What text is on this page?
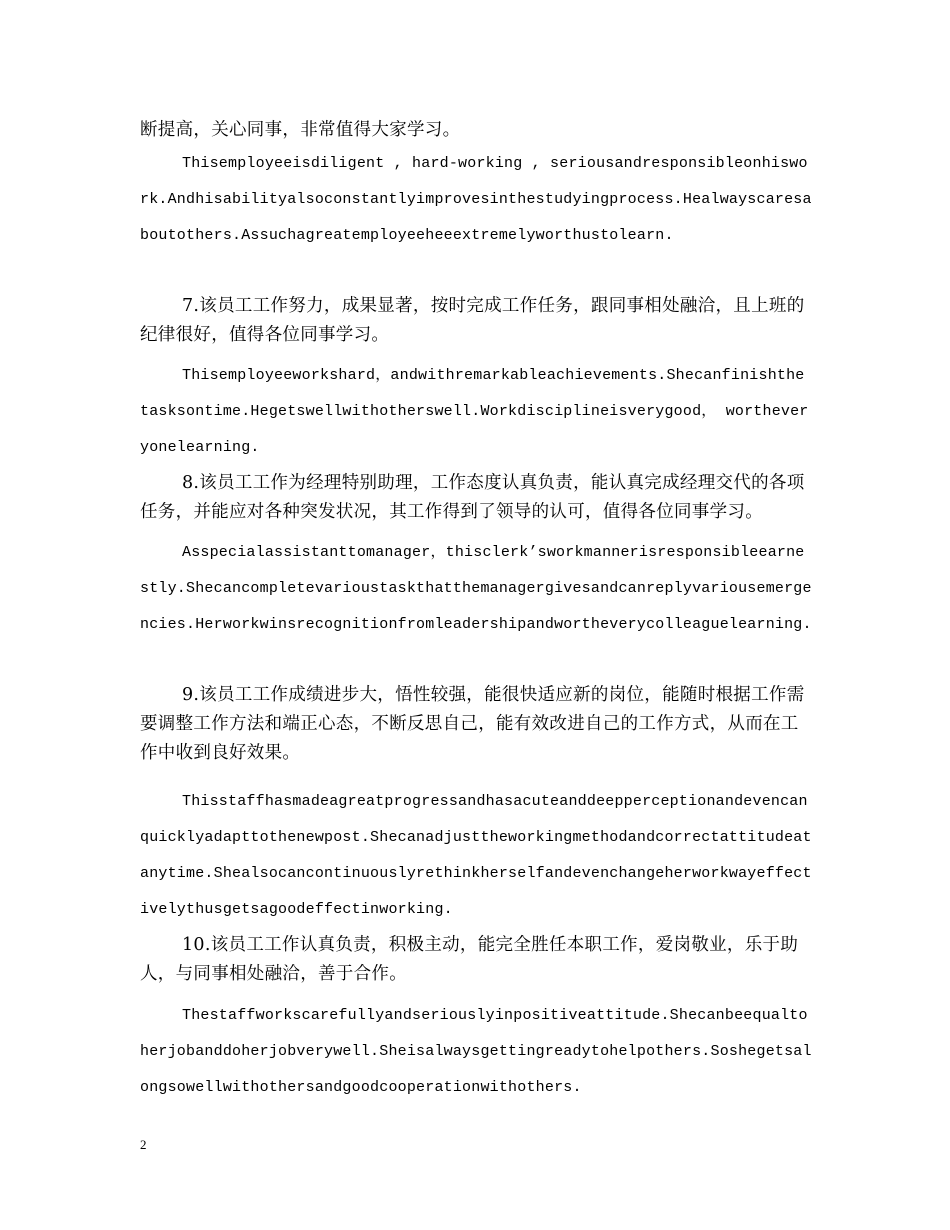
断提高，关心同事，非常值得大家学习。

Thisemployeeisdiligent , hard-working , seriousandresponsibleonhiswork.Andhisabilityalsoconstantlyimprovesinthestudyingprocess.Healwayscaresaboutothers.Assuchagreatemployeeheeextremelyworthustolearn.

7.该员工工作努力，成果显著，按时完成工作任务，跟同事相处融洽，且上班的纪律很好，值得各位同事学习。

Thisemployeeworkshard，andwithremarkableachievements.Shecanfinishthetasksontime.Hegetswellwithotherswell.Workdisciplineisverygood， wortheveryonelearning.

8.该员工工作为经理特别助理，工作态度认真负责，能认真完成经理交代的各项任务，并能应对各种突发状况，其工作得到了领导的认可，值得各位同事学习。

Asspecialassistanttomanager，thisclerk’sworkmannerisresponsibleearnestly.Shecancompletevarioustaskthatthemanagergivesandcanreplyvariousemergencies.Herworkwinsrecognitionfromleadershipandwortheverycolleaguelearning.

9.该员工工作成绩进步大，悟性较强，能很快适应新的岗位，能随时根据工作需要调整工作方法和端正心态，不断反思自己，能有效改进自己的工作方式，从而在工作中收到良好效果。

Thisstaffhasmadeagreatprogressandhasacuteanddeepperceptionandevencanquicklyadapttothenewpost.Shecanadjusttheworkingmethodandcorrectattitudeatanytime.Shealsocancontinuouslyrethinkherselfandevenchangeherworkwayeffectivelythusgetsagoodeffectinworking.

10.该员工工作认真负责，积极主动，能完全胜任本职工作，爱岗敬业，乐于助人，与同事相处融洽，善于合作。

Thestaffworkscarefullyandseriouslyinpositiveattitude.Shecanbeequaltoherjobanddoherjobverywell.Sheisalwaysgettingreadytohelpothers.Soshegetsalongsowellwithothersandgoodcooperationwithothers.

2
